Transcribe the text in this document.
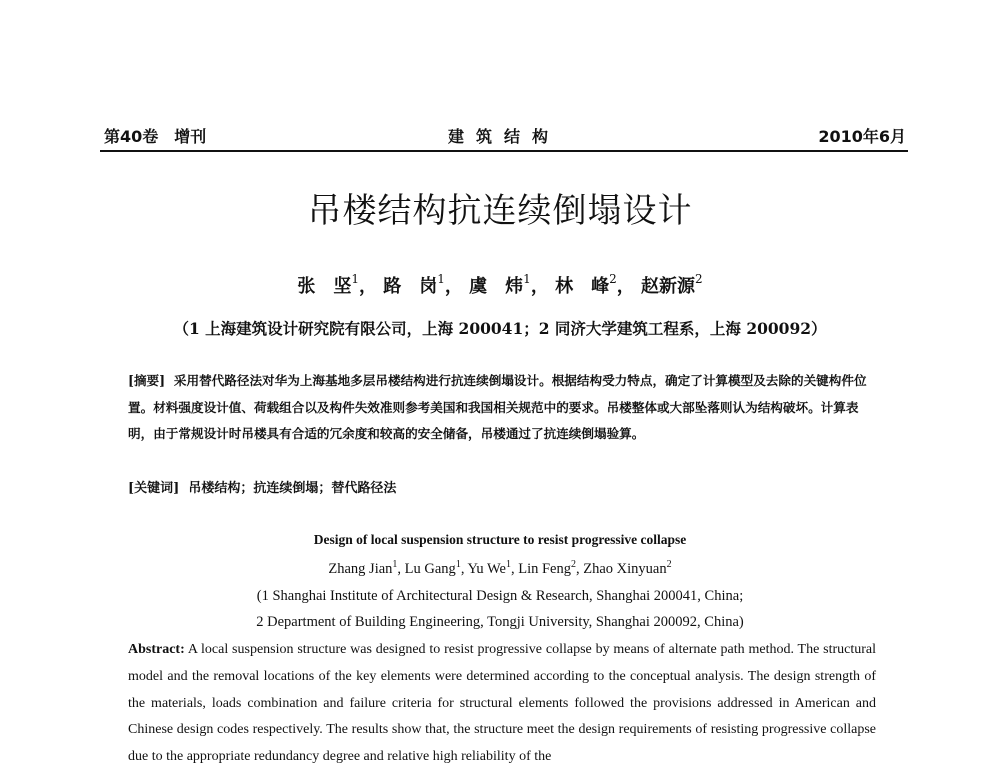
第40卷　增刊	建筑结构	2010年6月
吊楼结构抗连续倒塌设计
张　坚$^1$， 路　岗$^1$， 虞　炜$^1$， 林　峰$^2$， 赵新源$^2$
（1 上海建筑设计研究院有限公司，上海 200041；2 同济大学建筑工程系，上海 200092）

[摘要] 采用替代路径法对华为上海基地多层吊楼结构进行抗连续倒塌设计。根据结构受力特点，确定了计算模型及去除的关键构件位置。材料强度设计值、荷载组合以及构件失效准则参考美国和我国相关规范中的要求。吊楼整体或大部坠落则认为结构破坏。计算表明，由于常规设计时吊楼具有合适的冗余度和较高的安全储备，吊楼通过了抗连续倒塌验算。

[关键词] 吊楼结构；抗连续倒塌；替代路径法

Design of local suspension structure to resist progressive collapse
Zhang Jian$^1$, Lu Gang$^1$, Yu We$^1$, Lin Feng$^2$, Zhao Xinyuan$^2$
(1 Shanghai Institute of Architectural Design & Research, Shanghai 200041, China;
2 Department of Building Engineering, Tongji University, Shanghai 200092, China)

Abstract: A local suspension structure was designed to resist progressive collapse by means of alternate path method. The structural model and the removal locations of the key elements were determined according to the conceptual analysis. The design strength of the materials, loads combination and failure criteria for structural elements followed the provisions addressed in American and Chinese design codes respectively. The results show that, the structure meet the design requirements of resisting progressive collapse due to the appropriate redundancy degree and relative high reliability of the
